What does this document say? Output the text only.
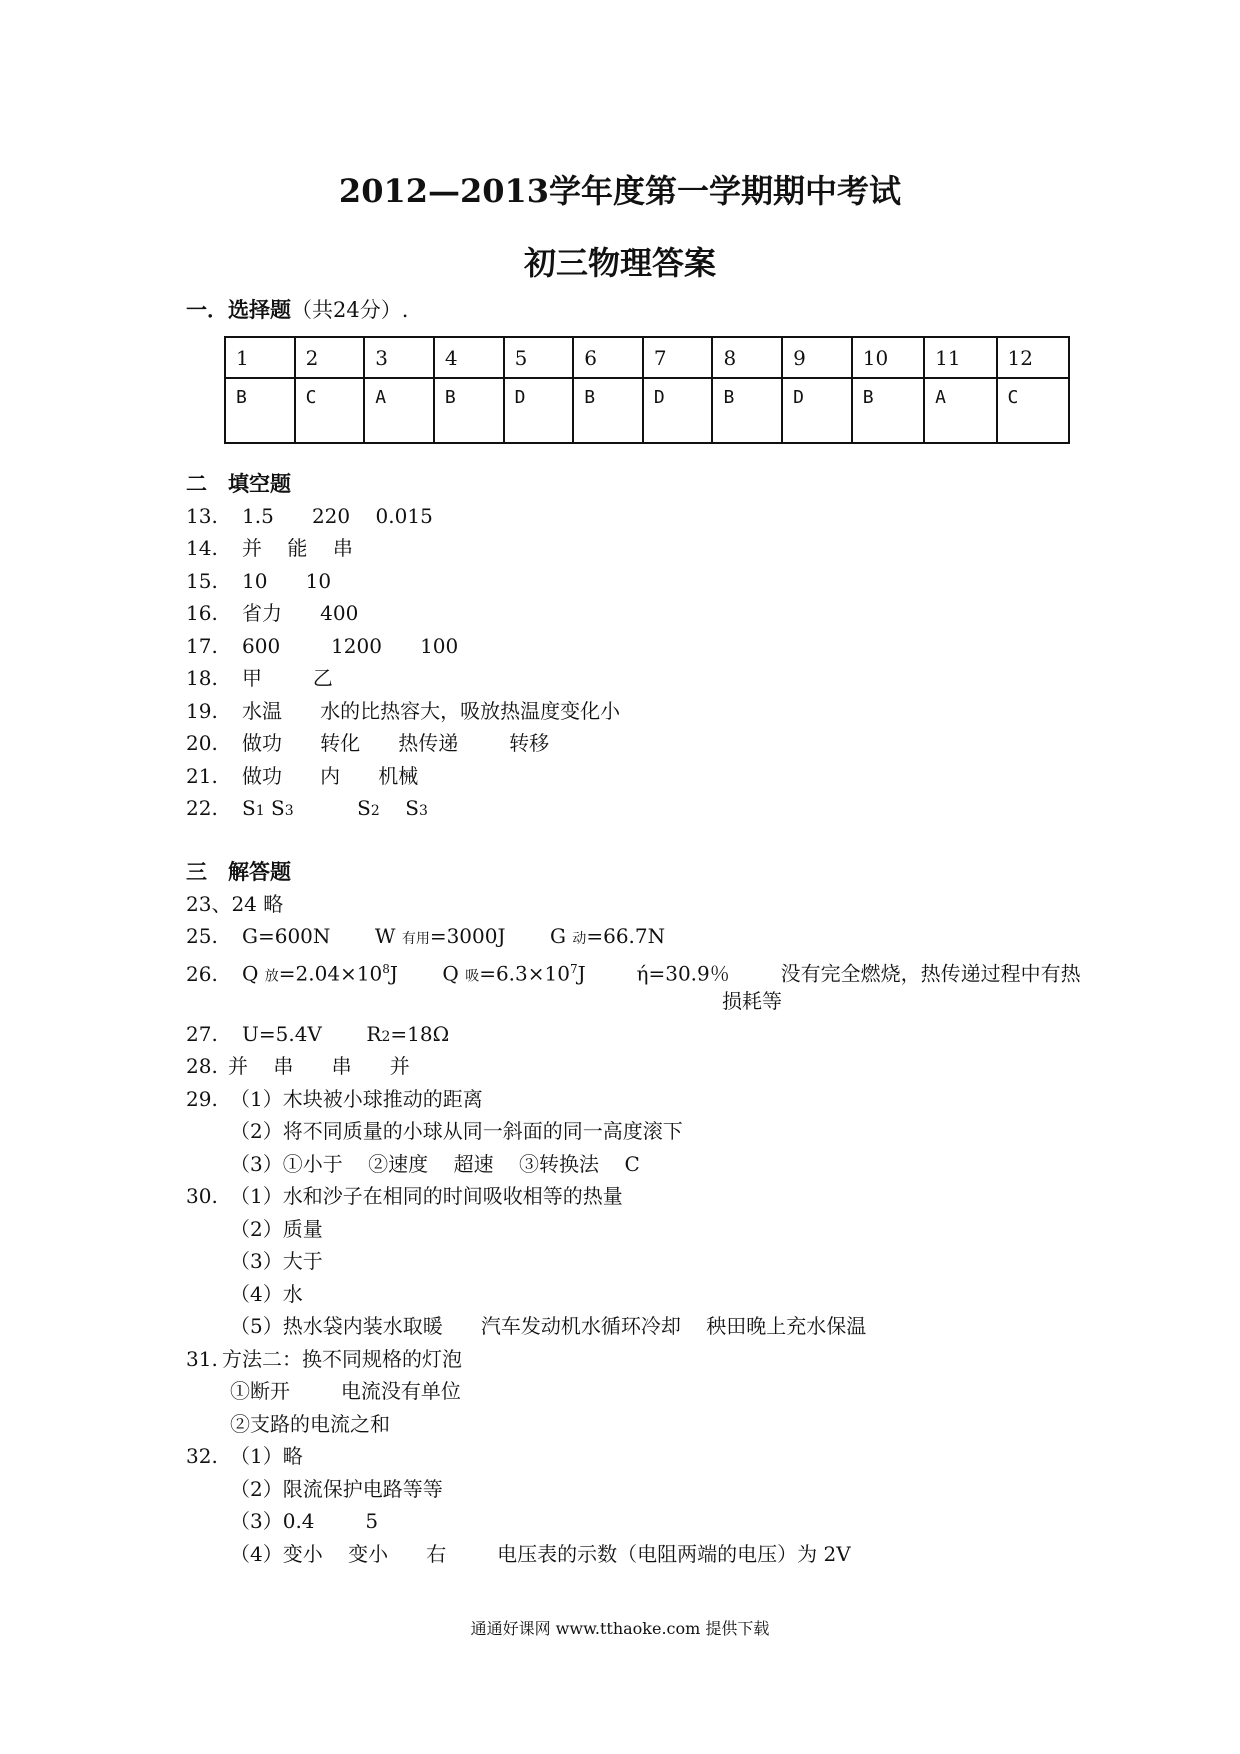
2012—2013学年度第一学期期中考试
初三物理答案
一．选择题（共24分）.
1	2	3	4	5	6	7	8	9	10	11	12
B	C	A	B	D	B	D	B	D	B	A	C
二　填空题
13. 1.5      220    0.015
14. 并    能    串
15. 10      10
16. 省力      400
17. 600        1200      100
18. 甲        乙
19. 水温      水的比热容大，吸放热温度变化小
20. 做功      转化      热传递        转移
21. 做功      内      机械
22. S1 S3          S2    S3
三　解答题
23、24 略
25. G=600N       W 有用=3000J       G 动=66.7N
26. Q 放$=2.04\times 10^8J$       Q 吸$=6.3\times 10^7J$        ή=30.9％        没有完全燃烧，热传递过程中有热
损耗等
27. U=5.4V       R2=18Ω
28. 并    串      串      并
29. （1）木块被小球推动的距离
（2）将不同质量的小球从同一斜面的同一高度滚下
（3）①小于    ②速度    超速    ③转换法    C
30. （1）水和沙子在相同的时间吸收相等的热量
（2）质量
（3）大于
（4）水
（5）热水袋内装水取暖      汽车发动机水循环冷却    秧田晚上充水保温
31. 方法二：换不同规格的灯泡
①断开        电流没有单位
②支路的电流之和
32. （1）略
（2）限流保护电路等等
（3）0.4        5
（4）变小    变小      右        电压表的示数（电阻两端的电压）为 2V
通通好课网 www.tthaoke.com 提供下载
